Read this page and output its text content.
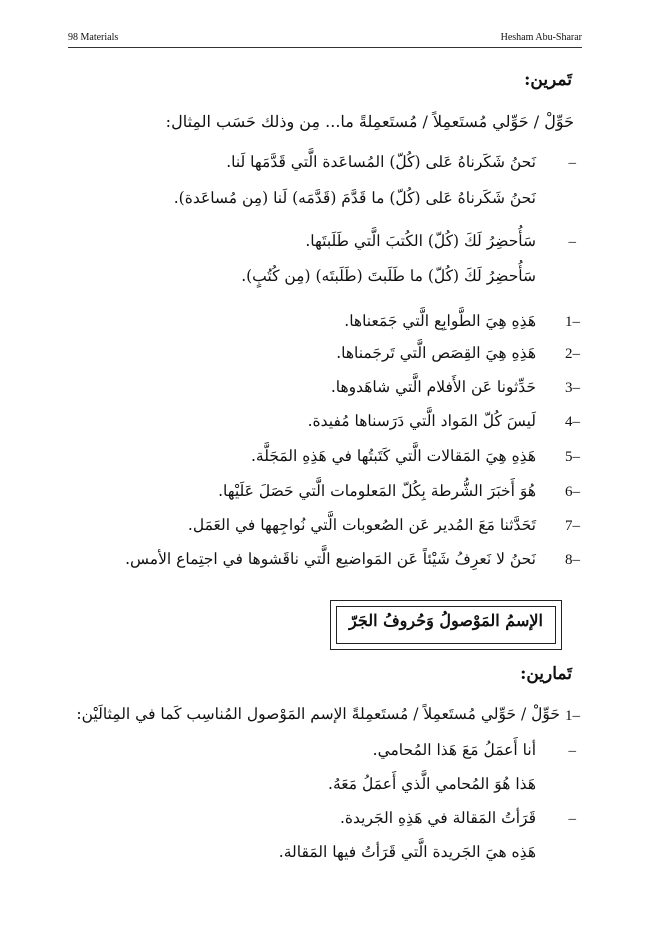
98 Materials	Hesham Abu-Sharar
تَمرين:
حَوِّلْ / حَوِّلي مُستَعمِلاً / مُستَعمِلةً ما... مِن وذلك حَسَب المِثال:
–
نَحنُ شَكَرناهُ عَلى (كُلّ) المُساعَدة الَّتي قَدَّمَها لَنا.
نَحنُ شَكَرناهُ عَلى (كُلّ) ما قَدَّمَ (قَدَّمَه) لَنا (مِن مُساعَدة).
–
سَأُحضِرُ لَكَ (كُلّ) الكُتبَ الَّتي طَلَبتَها.
سَأُحضِرُ لَكَ (كُلّ) ما طَلَبتَ (طَلَبتَه) (مِن كُتُبٍ).
1–
هَذِهِ هِيَ الطَّوابِع الَّتي جَمَعناها.
2–
هَذِهِ هِيَ القِصَص الَّتي تَرجَمناها.
3–
حَدِّثونا عَن الأَفلام الَّتي شاهَدوها.
4–
لَيسَ كُلّ المَواد الَّتي دَرَسناها مُفيدة.
5–
هَذِهِ هِيَ المَقالات الَّتي كَتَبتُها في هَذِهِ المَجَلَّة.
6–
هُوَ أَخبَرَ الشُّرطة بِكُلّ المَعلومات الَّتي حَصَلَ عَلَيْها.
7–
تَحَدَّثنا مَعَ المُدير عَن الصُعوبات الَّتي نُواجِهها في العَمَل.
8–
نَحنُ لا نَعرِفُ شَيْئاً عَن المَواضيع الَّتي ناقَشوها في اجتِماع الأمس.
الإسمُ المَوْصولُ وَحُروفُ الجَرّ
تَمارين:
1–
حَوِّلْ / حَوِّلي مُستَعمِلاً / مُستَعمِلةً الإسم المَوْصول المُناسِب كَما في المِثالَيْن:
–
أنا أَعمَلُ مَعَ هَذا المُحامي.
هَذا هُوَ المُحامي الَّذي أَعمَلُ مَعَهُ.
–
قَرَأتُ المَقالة في هَذِهِ الجَريدة.
هَذِه هيَ الجَريدة الَّتي قَرَأتُ فيها المَقالة.
